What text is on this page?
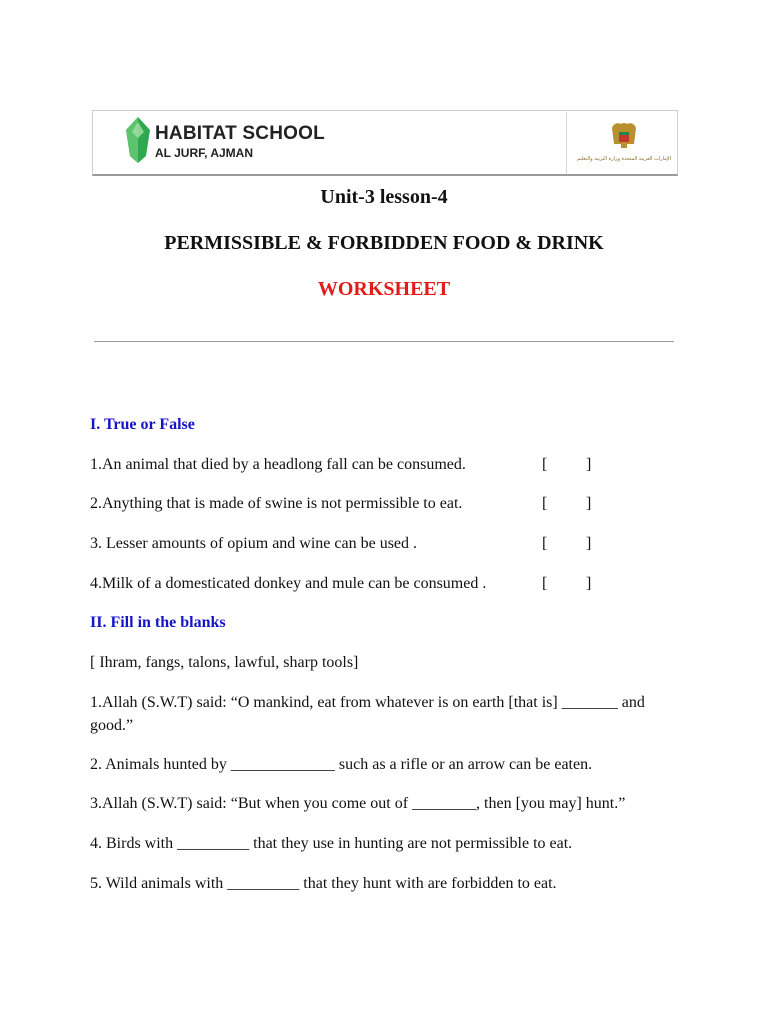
HABITAT SCHOOL
AL JURF, AJMAN	الإمارات العربية المتحدة وزارة التربية والتعليم
Unit-3 lesson-4
PERMISSIBLE & FORBIDDEN FOOD & DRINK
WORKSHEET
I. True or False
1.An animal that died by a headlong fall can be consumed.	[ ]
2.Anything that is made of swine is not permissible to eat.	[ ]
3. Lesser amounts of opium and wine can be used .	[ ]
4.Milk of a domesticated donkey and mule can be consumed .	[ ]
II. Fill in the blanks
[ Ihram, fangs, talons, lawful, sharp tools]
1.Allah (S.W.T) said: “O mankind, eat from whatever is on earth [that is] _______ and good.”
2. Animals hunted by _____________ such as a rifle or an arrow can be eaten.
3.Allah (S.W.T) said: “But when you come out of ________, then [you may] hunt.”
4. Birds with _________ that they use in hunting are not permissible to eat.
5. Wild animals with _________ that they hunt with are forbidden to eat.
